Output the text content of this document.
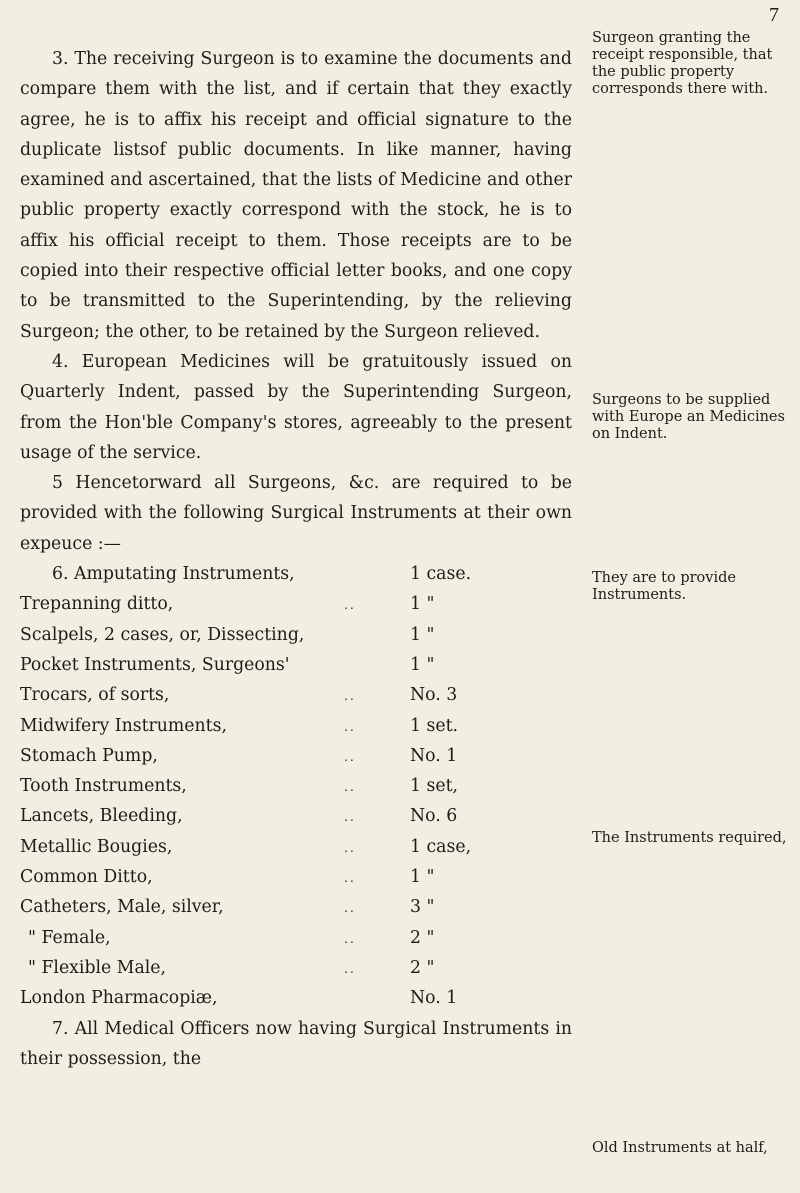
7

3. The receiving Surgeon is to examine the documents and compare them with the list, and if certain that they exactly agree, he is to affix his receipt and official signature to the duplicate listsof public documents. In like manner, having examined and ascertained, that the lists of Medicine and other public property exactly correspond with the stock, he is to affix his official receipt to them. Those receipts are to be copied into their respective official letter books, and one copy to be transmitted to the Superintending, by the relieving Surgeon; the other, to be retained by the Surgeon relieved.

4. European Medicines will be gratuitously issued on Quarterly Indent, passed by the Superintending Surgeon, from the Hon'ble Company's stores, agreeably to the present usage of the service.

5 Hencetorward all Surgeons, &c. are required to be provided with the following Surgical Instruments at their own expeuce :—

6. Amputating Instruments,	1 case.
Trepanning ditto,	..	1 "
Scalpels, 2 cases, or, Dissecting,	1 "
Pocket Instruments, Surgeons'	1 "
Trocars, of sorts,	..	No. 3
Midwifery Instruments,	..	1 set.
Stomach Pump,	..	No. 1
Tooth Instruments,	..	1 set,
Lancets, Bleeding,	..	No. 6
Metallic Bougies,	..	1 case,
Common Ditto,	..	1 "
Catheters, Male, silver,	..	3 "
" Female,	..	2 "
" Flexible Male,	..	2 "
London Pharmacopiæ,	No. 1

7. All Medical Officers now having Surgical Instruments in their possession, the

Surgeon granting the receipt responsible, that the public property corresponds there with.
Surgeons to be supplied with Europe an Medicines on Indent.
They are to provide Instruments.
The Instruments required,
Old Instruments at half,
